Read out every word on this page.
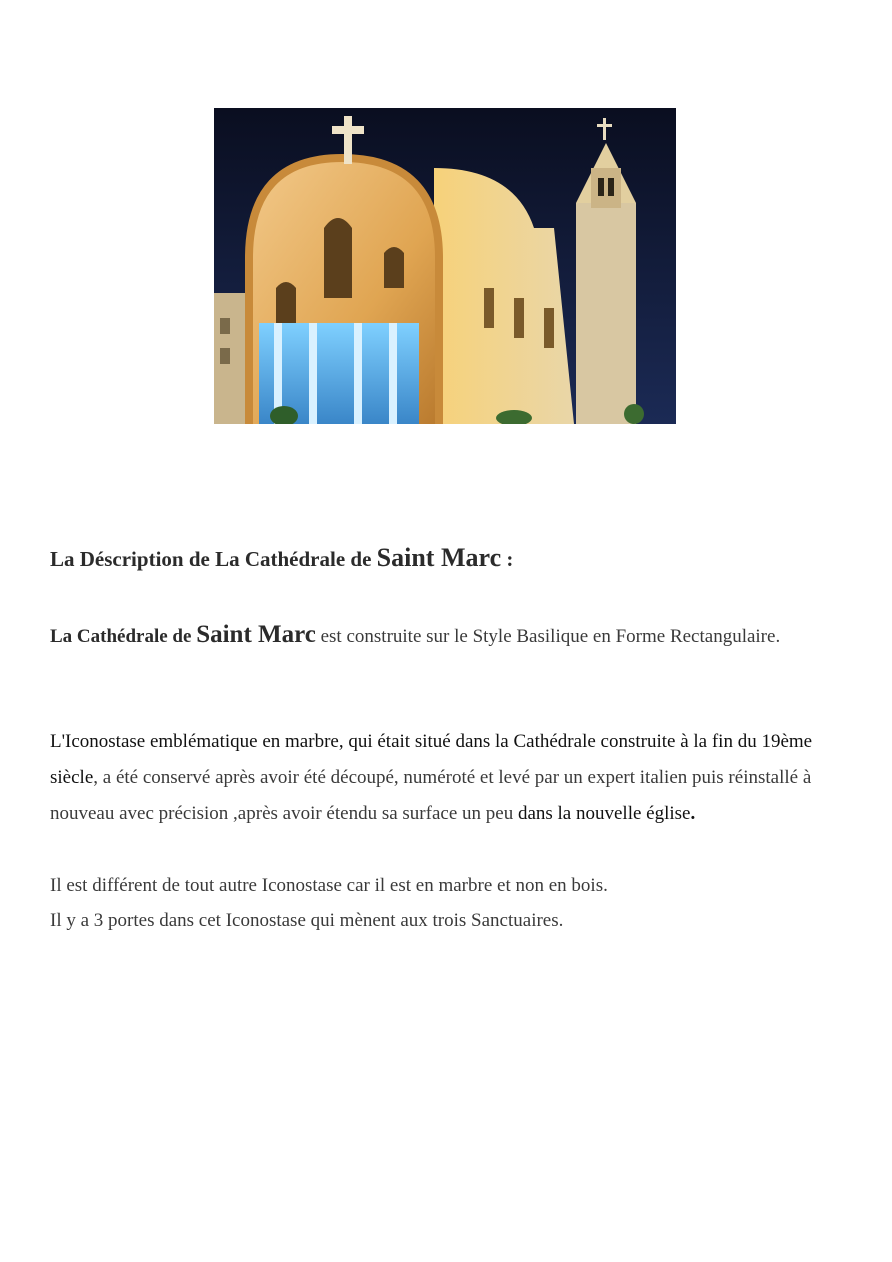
La Déscription de La Cathédrale de Saint Marc :
La Cathédrale de Saint Marc est construite sur le Style Basilique en Forme Rectangulaire.
L'Iconostase emblématique en marbre, qui était situé dans la Cathédrale construite à la fin du 19ème siècle, a été conservé après avoir été découpé, numéroté et levé par un expert italien puis réinstallé à nouveau avec précision ,après avoir étendu sa surface un peu dans la nouvelle église.
Il est différent de tout autre Iconostase car il est en marbre et non en bois.
Il y a 3 portes dans cet Iconostase qui mènent aux trois Sanctuaires.
